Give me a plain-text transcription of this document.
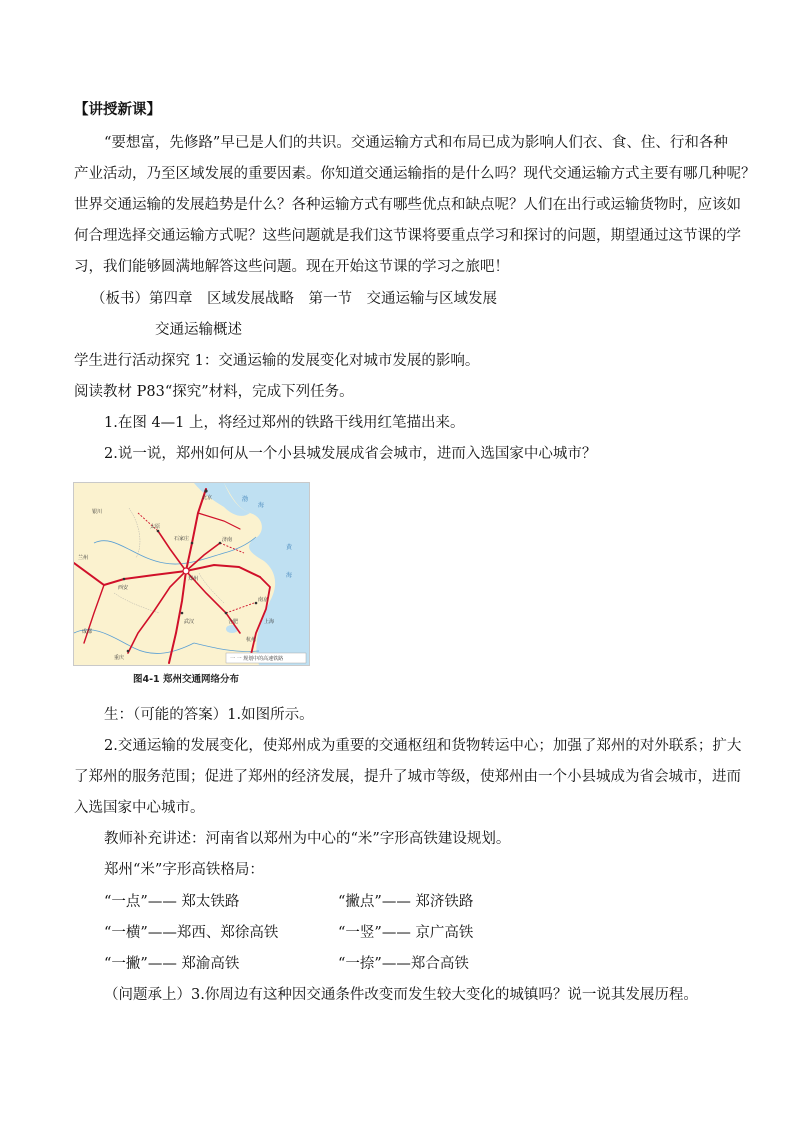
【讲授新课】
“要想富，先修路”早已是人们的共识。交通运输方式和布局已成为影响人们衣、食、住、行和各种
产业活动，乃至区域发展的重要因素。你知道交通运输指的是什么吗？现代交通运输方式主要有哪几种呢？
世界交通运输的发展趋势是什么？各种运输方式有哪些优点和缺点呢？人们在出行或运输货物时，应该如
何合理选择交通运输方式呢？这些问题就是我们这节课将要重点学习和探讨的问题，期望通过这节课的学
习，我们能够圆满地解答这些问题。现在开始这节课的学习之旅吧！
（板书）第四章　区域发展战略　第一节　交通运输与区域发展
交通运输概述
学生进行活动探究 1：交通运输的发展变化对城市发展的影响。
阅读教材 P83“探究”材料，完成下列任务。
1.在图 4—1 上，将经过郑州的铁路干线用红笔描出来。
2.说一说，郑州如何从一个小县城发展成省会城市，进而入选国家中心城市？
北京
石家庄
太原
济南
郑州
西安
兰州
银川
武汉	合肥
南京
上海
杭州
重庆
成都
渤
海
黄
海
一 一 规划中的高速铁路
图4-1 郑州交通网络分布
生：（可能的答案）1.如图所示。
2.交通运输的发展变化，使郑州成为重要的交通枢纽和货物转运中心；加强了郑州的对外联系；扩大
了郑州的服务范围；促进了郑州的经济发展，提升了城市等级，使郑州由一个小县城成为省会城市，进而
入选国家中心城市。
教师补充讲述：河南省以郑州为中心的“米”字形高铁建设规划。
郑州“米”字形高铁格局：
“一点”—— 郑太铁路	“撇点”—— 郑济铁路
“一横”——郑西、郑徐高铁	“一竖”—— 京广高铁
“一撇”—— 郑渝高铁	“一捺”——郑合高铁
（问题承上）3.你周边有这种因交通条件改变而发生较大变化的城镇吗？说一说其发展历程。
